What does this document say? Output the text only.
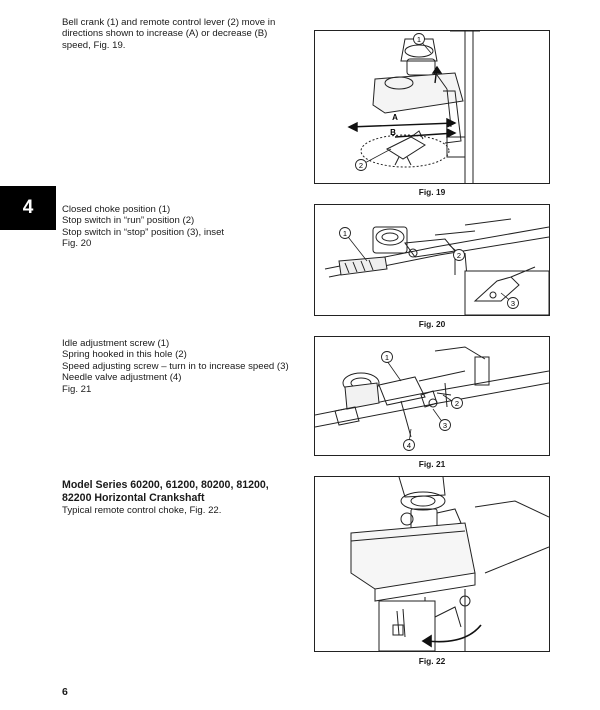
4
Bell crank (1) and remote control lever (2) move in
directions shown to increase (A) or decrease (B)
speed, Fig. 19.
1
2
A
B
Fig. 19
Closed choke position (1)
Stop switch in “run” position (2)
Stop switch in “stop” position (3), inset
Fig. 20
1
2
3
Fig. 20
Idle adjustment screw (1)
Spring hooked in this hole (2)
Speed adjusting screw – turn in to increase speed (3)
Needle valve adjustment (4)
Fig. 21
1
2
3
4
Fig. 21
Model Series 60200, 61200, 80200, 81200,
82200 Horizontal Crankshaft
Typical remote control choke, Fig. 22.
Fig. 22
6
